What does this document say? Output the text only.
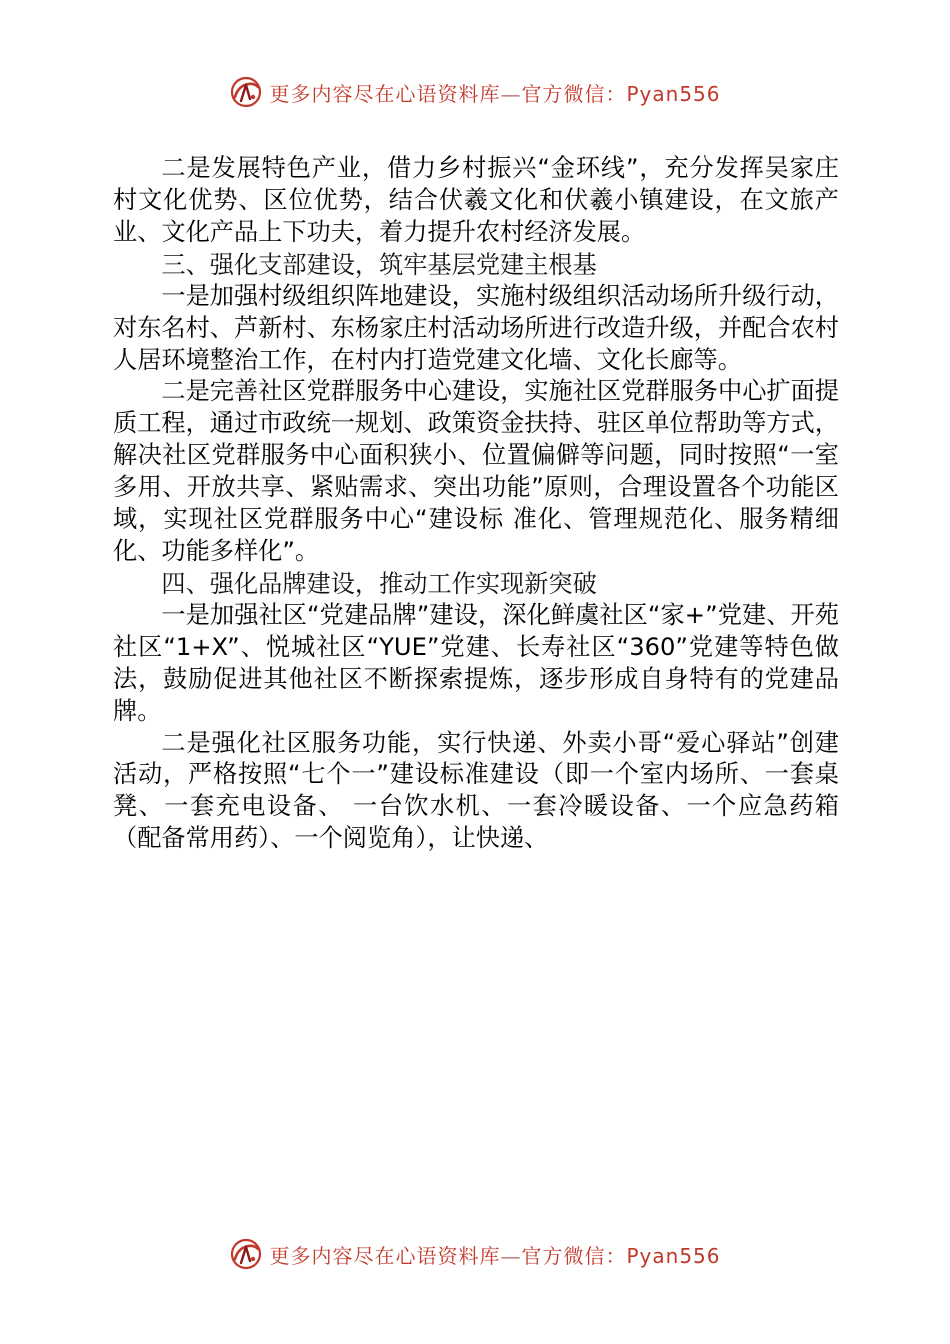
更多内容尽在心语资料库—官方微信：Pyan556

二是发展特色产业，借力乡村振兴“金环线”，充分发挥吴家庄村文化优势、区位优势，结合伏羲文化和伏羲小镇建设，在文旅产业、文化产品上下功夫，着力提升农村经济发展。

三、强化支部建设，筑牢基层党建主根基

一是加强村级组织阵地建设，实施村级组织活动场所升级行动，对东名村、芦新村、东杨家庄村活动场所进行改造升级，并配合农村人居环境整治工作，在村内打造党建文化墙、文化长廊等。

二是完善社区党群服务中心建设，实施社区党群服务中心扩面提质工程，通过市政统一规划、政策资金扶持、驻区单位帮助等方式，解决社区党群服务中心面积狭小、位置偏僻等问题，同时按照“一室多用、开放共享、紧贴需求、突出功能”原则，合理设置各个功能区域，实现社区党群服务中心“建设标 准化、管理规范化、服务精细化、功能多样化”。

四、强化品牌建设，推动工作实现新突破

一是加强社区“党建品牌”建设，深化鲜虞社区“家+”党建、开苑社区“1+X”、悦城社区“YUE”党建、长寿社区“360”党建等特色做法，鼓励促进其他社区不断探索提炼，逐步形成自身特有的党建品牌。

二是强化社区服务功能，实行快递、外卖小哥“爱心驿站”创建活动，严格按照“七个一”建设标准建设（即一个室内场所、一套桌凳、一套充电设备、 一台饮水机、一套冷暖设备、一个应急药箱（配备常用药）、一个阅览角），让快递、

更多内容尽在心语资料库—官方微信：Pyan556
